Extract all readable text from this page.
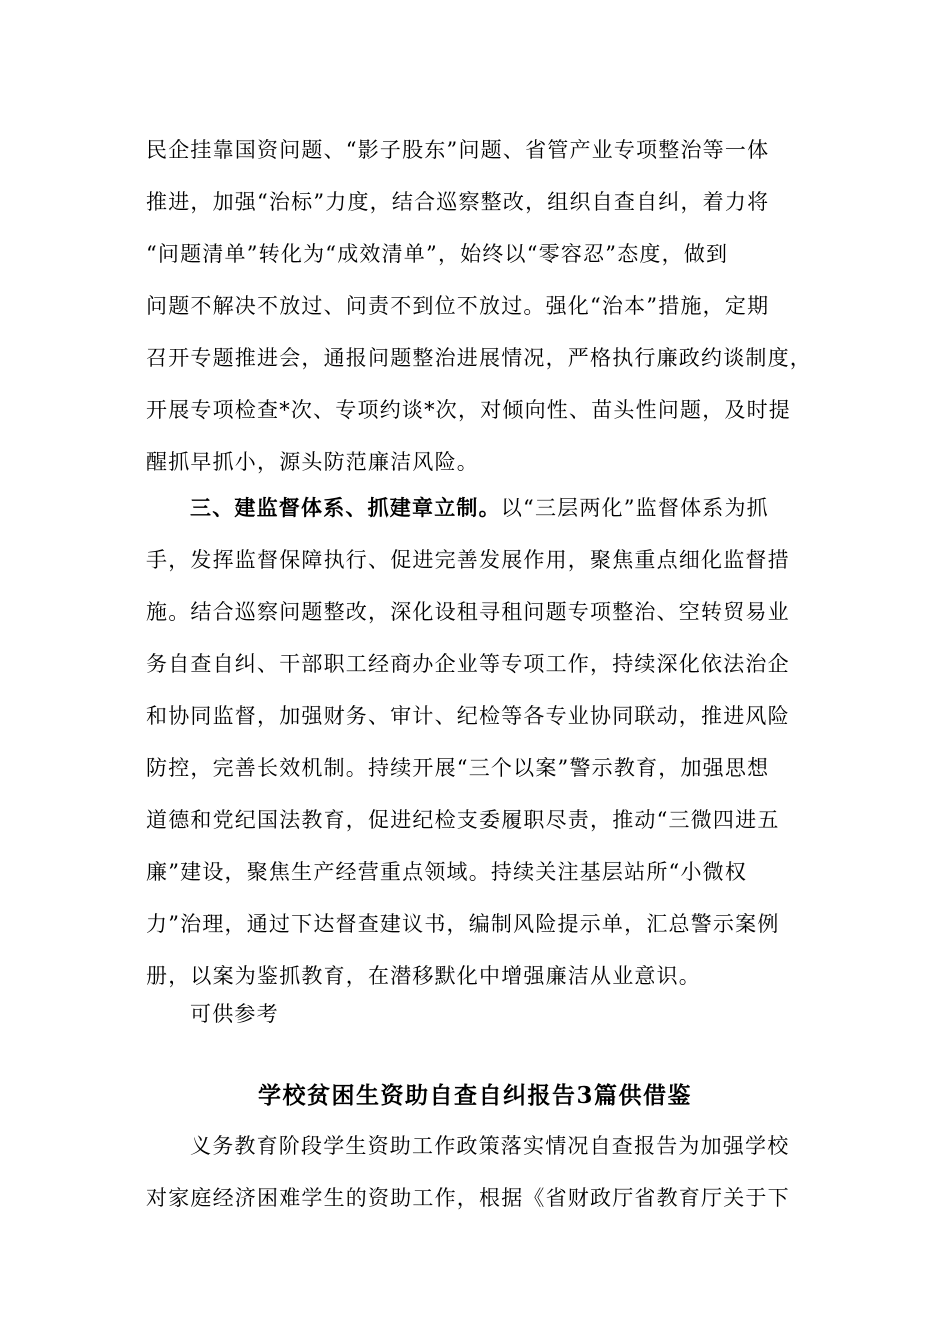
民企挂靠国资问题、“影子股东”问题、省管产业专项整治等一体
推进，加强“治标”力度，结合巡察整改，组织自查自纠，着力将
“问题清单”转化为“成效清单”，始终以“零容忍”态度，做到
问题不解决不放过、问责不到位不放过。强化“治本”措施，定期
召开专题推进会，通报问题整治进展情况，严格执行廉政约谈制度，
开展专项检查*次、专项约谈*次，对倾向性、苗头性问题，及时提
醒抓早抓小，源头防范廉洁风险。
三、建监督体系、抓建章立制。以“三层两化”监督体系为抓
手，发挥监督保障执行、促进完善发展作用，聚焦重点细化监督措
施。结合巡察问题整改，深化设租寻租问题专项整治、空转贸易业
务自查自纠、干部职工经商办企业等专项工作，持续深化依法治企
和协同监督，加强财务、审计、纪检等各专业协同联动，推进风险
防控，完善长效机制。持续开展“三个以案”警示教育，加强思想
道德和党纪国法教育，促进纪检支委履职尽责，推动“三微四进五
廉”建设，聚焦生产经营重点领域。持续关注基层站所“小微权
力”治理，通过下达督查建议书，编制风险提示单，汇总警示案例
册，以案为鉴抓教育，在潜移默化中增强廉洁从业意识。
可供参考
学校贫困生资助自查自纠报告3篇供借鉴
义务教育阶段学生资助工作政策落实情况自查报告为加强学校
对家庭经济困难学生的资助工作，根据《省财政厅省教育厅关于下
